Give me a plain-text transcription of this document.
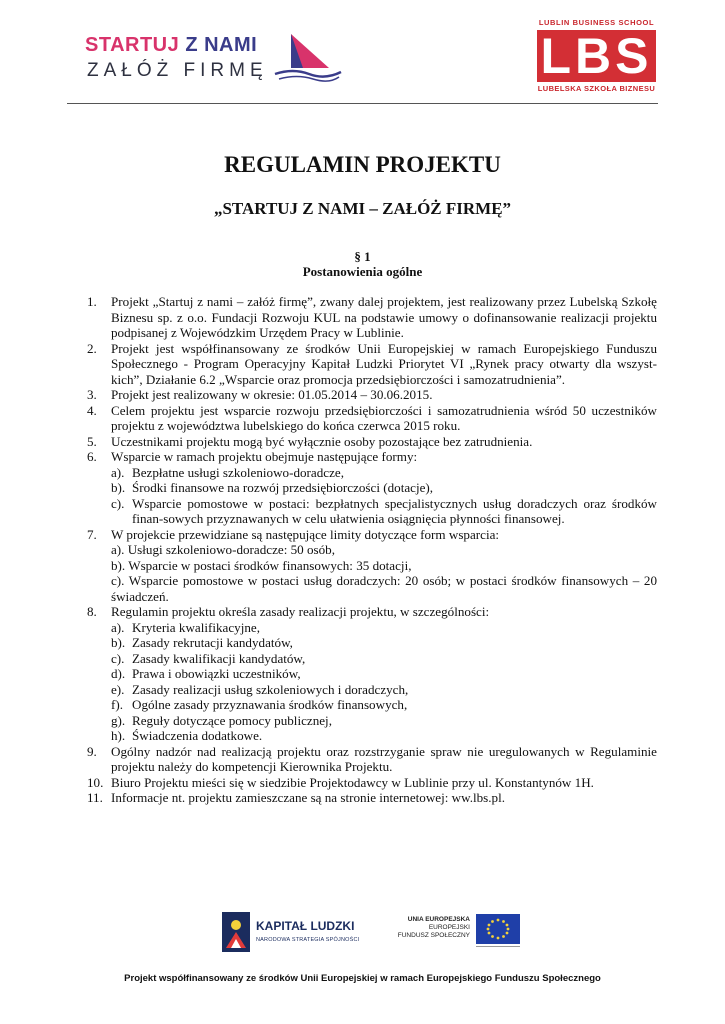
STARTUJ Z NAMI
ZAŁÓŻ FIRMĘ
LUBLIN BUSINESS SCHOOL
LBS
LUBELSKA SZKOŁA BIZNESU
REGULAMIN PROJEKTU
„STARTUJ Z NAMI – ZAŁÓŻ FIRMĘ”
§ 1
Postanowienia ogólne
1. Projekt „Startuj z nami – załóż firmę”, zwany dalej projektem, jest realizowany przez Lubelską Szkołę Biznesu sp. z o.o. Fundacji Rozwoju KUL na podstawie umowy o dofinansowanie realizacji projektu podpisanej z Wojewódzkim Urzędem Pracy w Lublinie.
2. Projekt jest współfinansowany ze środków Unii Europejskiej w ramach Europejskiego Funduszu Społecznego - Program Operacyjny Kapitał Ludzki Priorytet VI „Rynek pracy otwarty dla wszyst-kich”, Działanie 6.2 „Wsparcie oraz promocja przedsiębiorczości i samozatrudnienia”.
3. Projekt jest realizowany w okresie: 01.05.2014 – 30.06.2015.
4. Celem projektu jest wsparcie rozwoju przedsiębiorczości i samozatrudnienia wśród 50 uczestników projektu z województwa lubelskiego do końca czerwca 2015 roku.
5. Uczestnikami projektu mogą być wyłącznie osoby pozostające bez zatrudnienia.
6. Wsparcie w ramach projektu obejmuje następujące formy:
a). Bezpłatne usługi szkoleniowo-doradcze,
b). Środki finansowe na rozwój przedsiębiorczości (dotacje),
c). Wsparcie pomostowe w postaci: bezpłatnych specjalistycznych usług doradczych oraz środków finan-sowych przyznawanych w celu ułatwienia osiągnięcia płynności finansowej.
7. W projekcie przewidziane są następujące limity dotyczące form wsparcia:
a). Usługi szkoleniowo-doradcze: 50 osób,
b). Wsparcie w postaci środków finansowych: 35 dotacji,
c). Wsparcie pomostowe w postaci usług doradczych: 20 osób; w postaci środków finansowych – 20 świadczeń.
8. Regulamin projektu określa zasady realizacji projektu, w szczególności:
a). Kryteria kwalifikacyjne,
b). Zasady rekrutacji kandydatów,
c). Zasady kwalifikacji kandydatów,
d). Prawa i obowiązki uczestników,
e). Zasady realizacji usług szkoleniowych i doradczych,
f). Ogólne zasady przyznawania środków finansowych,
g). Reguły dotyczące pomocy publicznej,
h). Świadczenia dodatkowe.
9. Ogólny nadzór nad realizacją projektu oraz rozstrzyganie spraw nie uregulowanych w Regulaminie projektu należy do kompetencji Kierownika Projektu.
10. Biuro Projektu mieści się w siedzibie Projektodawcy w Lublinie przy ul. Konstantynów 1H.
11. Informacje nt. projektu zamieszczane są na stronie internetowej: ww.lbs.pl.
KAPITAŁ LUDZKI
NARODOWA STRATEGIA SPÓJNOŚCI
UNIA EUROPEJSKA
EUROPEJSKI
FUNDUSZ SPOŁECZNY
Projekt współfinansowany ze środków Unii Europejskiej w ramach Europejskiego Funduszu Społecznego
